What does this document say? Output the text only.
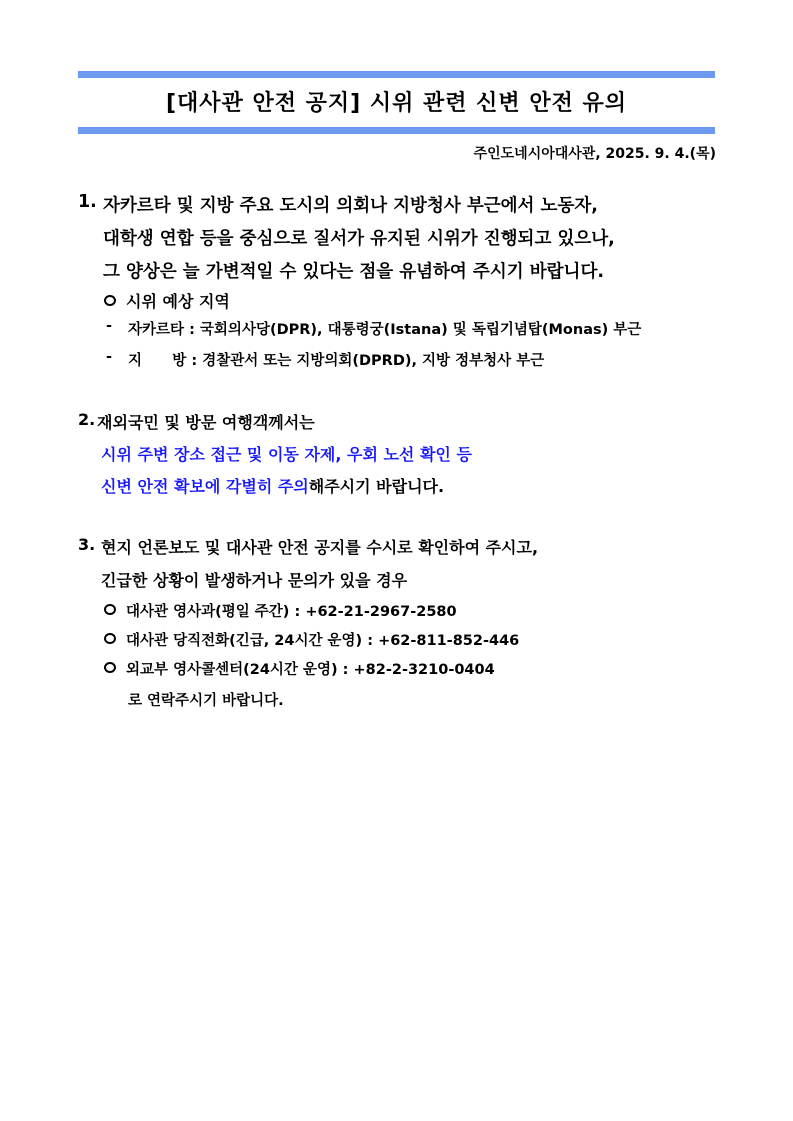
[대사관 안전 공지] 시위 관련 신변 안전 유의
주인도네시아대사관, 2025. 9. 4.(목)
1. 자카르타 및 지방 주요 도시의 의회나 지방청사 부근에서 노동자,
대학생 연합 등을 중심으로 질서가 유지된 시위가 진행되고 있으나,
그 양상은 늘 가변적일 수 있다는 점을 유념하여 주시기 바랍니다.
시위 예상 지역
- 자카르타 : 국회의사당(DPR), 대통령궁(Istana) 및 독립기념탑(Monas) 부근
- 지      방 : 경찰관서 또는 지방의회(DPRD), 지방 정부청사 부근
2. 재외국민 및 방문 여행객께서는
시위 주변 장소 접근 및 이동 자제, 우회 노선 확인 등
신변 안전 확보에 각별히 주의해주시기 바랍니다.
3. 현지 언론보도 및 대사관 안전 공지를 수시로 확인하여 주시고,
긴급한 상황이 발생하거나 문의가 있을 경우
대사관 영사과(평일 주간) : +62-21-2967-2580
대사관 당직전화(긴급, 24시간 운영) : +62-811-852-446
외교부 영사콜센터(24시간 운영) : +82-2-3210-0404
로 연락주시기 바랍니다.
